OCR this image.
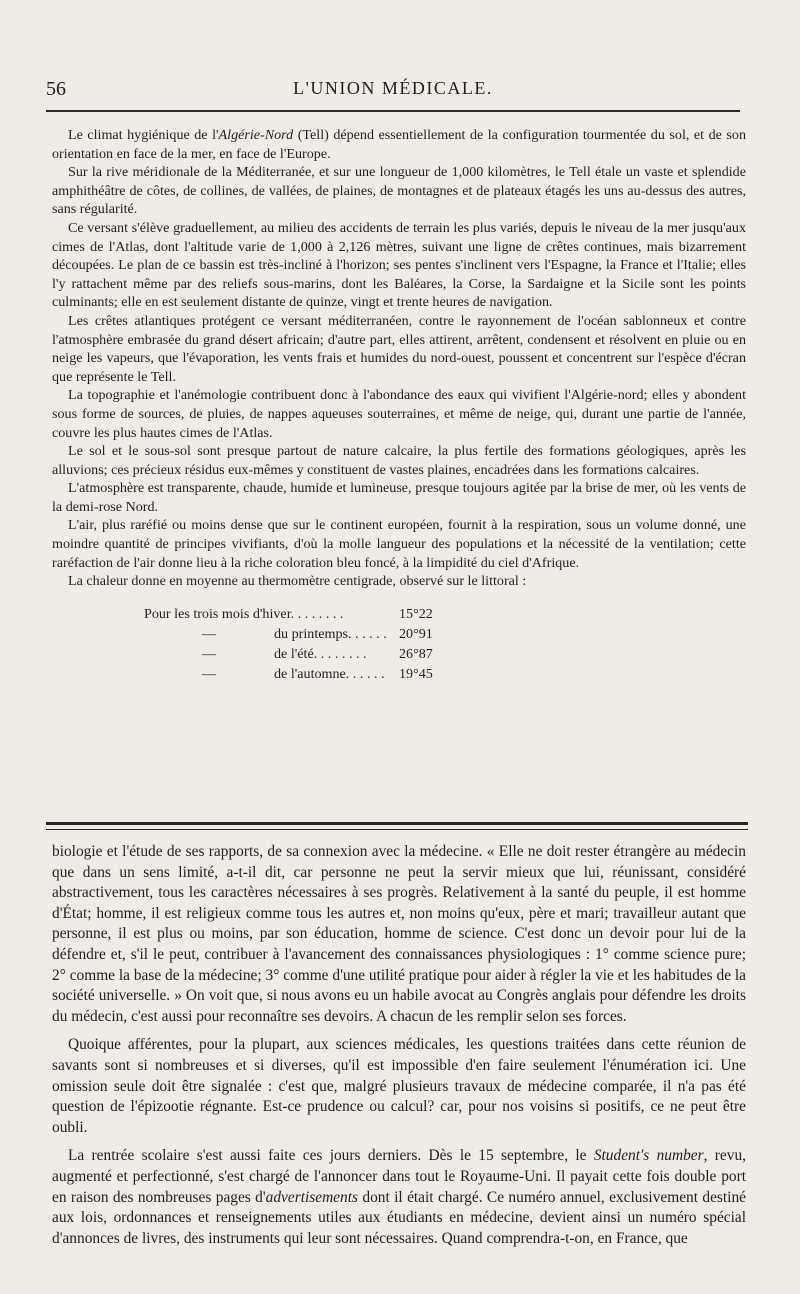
56	L'UNION MÉDICALE.

Le climat hygiénique de l'Algérie-Nord (Tell) dépend essentiellement de la configuration tourmentée du sol, et de son orientation en face de la mer, en face de l'Europe.

Sur la rive méridionale de la Méditerranée, et sur une longueur de 1,000 kilomètres, le Tell étale un vaste et splendide amphithéâtre de côtes, de collines, de vallées, de plaines, de montagnes et de plateaux étagés les uns au-dessus des autres, sans régularité.

Ce versant s'élève graduellement, au milieu des accidents de terrain les plus variés, depuis le niveau de la mer jusqu'aux cimes de l'Atlas, dont l'altitude varie de 1,000 à 2,126 mètres, suivant une ligne de crêtes continues, mais bizarrement découpées. Le plan de ce bassin est très-incliné à l'horizon; ses pentes s'inclinent vers l'Espagne, la France et l'Italie; elles l'y rattachent même par des reliefs sous-marins, dont les Baléares, la Corse, la Sardaigne et la Sicile sont les points culminants; elle en est seulement distante de quinze, vingt et trente heures de navigation.

Les crêtes atlantiques protégent ce versant méditerranéen, contre le rayonnement de l'océan sablonneux et contre l'atmosphère embrasée du grand désert africain; d'autre part, elles attirent, arrêtent, condensent et résolvent en pluie ou en neige les vapeurs, que l'évaporation, les vents frais et humides du nord-ouest, poussent et concentrent sur l'espèce d'écran que représente le Tell.

La topographie et l'anémologie contribuent donc à l'abondance des eaux qui vivifient l'Algérie-nord; elles y abondent sous forme de sources, de pluies, de nappes aqueuses souterraines, et même de neige, qui, durant une partie de l'année, couvre les plus hautes cimes de l'Atlas.

Le sol et le sous-sol sont presque partout de nature calcaire, la plus fertile des formations géologiques, après les alluvions; ces précieux résidus eux-mêmes y constituent de vastes plaines, encadrées dans les formations calcaires.

L'atmosphère est transparente, chaude, humide et lumineuse, presque toujours agitée par la brise de mer, où les vents de la demi-rose Nord.

L'air, plus raréfié ou moins dense que sur le continent européen, fournit à la respiration, sous un volume donné, une moindre quantité de principes vivifiants, d'où la molle langueur des populations et la nécessité de la ventilation; cette raréfaction de l'air donne lieu à la riche coloration bleu foncé, à la limpidité du ciel d'Afrique.

La chaleur donne en moyenne au thermomètre centigrade, observé sur le littoral :

Pour les trois mois d'hiver. . . . . . . .	15°22
—	du printemps. . . . . . 20°91
—	de l'été. . . . . . . .	26°87
—	de l'automne. . . . . .	19°45

biologie et l'étude de ses rapports, de sa connexion avec la médecine. « Elle ne doit rester étrangère au médecin que dans un sens limité, a-t-il dit, car personne ne peut la servir mieux que lui, réunissant, considéré abstractivement, tous les caractères nécessaires à ses progrès. Relativement à la santé du peuple, il est homme d'État; homme, il est religieux comme tous les autres et, non moins qu'eux, père et mari; travailleur autant que personne, il est plus ou moins, par son éducation, homme de science. C'est donc un devoir pour lui de la défendre et, s'il le peut, contribuer à l'avancement des connaissances physiologiques : 1° comme science pure; 2° comme la base de la médecine; 3° comme d'une utilité pratique pour aider à régler la vie et les habitudes de la société universelle. » On voit que, si nous avons eu un habile avocat au Congrès anglais pour défendre les droits du médecin, c'est aussi pour reconnaître ses devoirs. A chacun de les remplir selon ses forces.

Quoique afférentes, pour la plupart, aux sciences médicales, les questions traitées dans cette réunion de savants sont si nombreuses et si diverses, qu'il est impossible d'en faire seulement l'énumération ici. Une omission seule doit être signalée : c'est que, malgré plusieurs travaux de médecine comparée, il n'a pas été question de l'épizootie régnante. Est-ce prudence ou calcul? car, pour nos voisins si positifs, ce ne peut être oubli.

La rentrée scolaire s'est aussi faite ces jours derniers. Dès le 15 septembre, le Student's number, revu, augmenté et perfectionné, s'est chargé de l'annoncer dans tout le Royaume-Uni. Il payait cette fois double port en raison des nombreuses pages d'advertisements dont il était chargé. Ce numéro annuel, exclusivement destiné aux lois, ordonnances et renseignements utiles aux étudiants en médecine, devient ainsi un numéro spécial d'annonces de livres, des instruments qui leur sont nécessaires. Quand comprendra-t-on, en France, que
